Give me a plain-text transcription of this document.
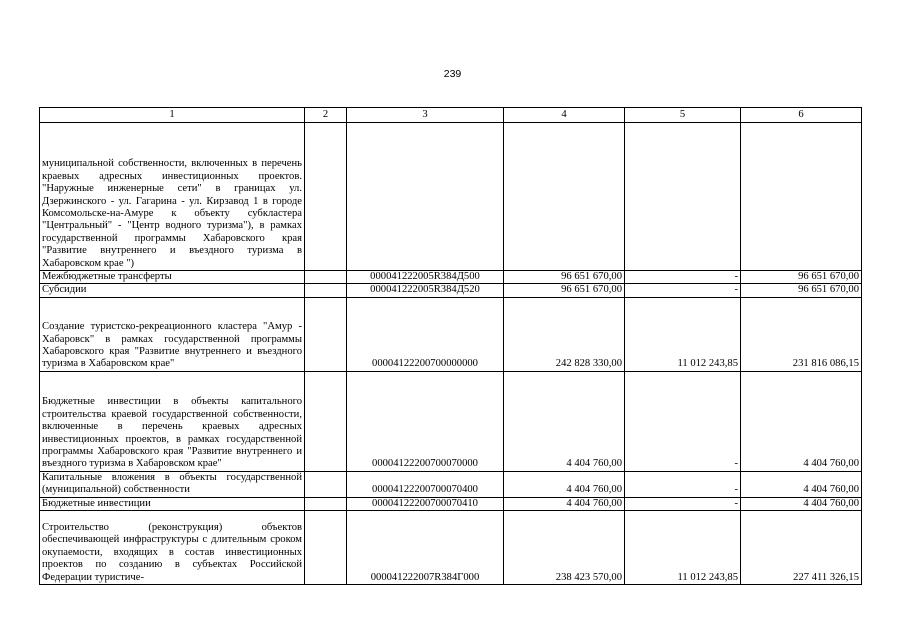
239
1	2	3	4	5	6
муниципальной собственности, включенных в перечень краевых адресных инвестиционных проектов. "Наружные инженерные сети" в границах ул. Дзержинского - ул. Гагарина - ул. Кирзавод 1 в городе Комсомольске-на-Амуре к объекту субкластера "Центральный" - "Центр водного туризма"), в рамках государственной программы Хабаровского края "Развитие внутреннего и въездного туризма в Хабаровском крае ")					
Межбюджетные трансферты		000041222005R384Д500	96 651 670,00	-	96 651 670,00
Субсидии		000041222005R384Д520	96 651 670,00	-	96 651 670,00
Создание туристско-рекреационного кластера "Амур - Хабаровск" в рамках государственной программы Хабаровского края "Развитие внутреннего и въездного туризма в Хабаровском крае"		00004122200700000000	242 828 330,00	11 012 243,85	231 816 086,15
Бюджетные инвестиции в объекты капитального строительства краевой государственной собственности, включенные в перечень краевых адресных инвестиционных проектов, в рамках государственной программы Хабаровского края "Развитие внутреннего и въездного туризма в Хабаровском крае"		00004122200700070000	4 404 760,00	-	4 404 760,00
Капитальные вложения в объекты государственной (муниципальной) собственности		00004122200700070400	4 404 760,00	-	4 404 760,00
Бюджетные инвестиции		00004122200700070410	4 404 760,00	-	4 404 760,00
Строительство (реконструкция) объектов обеспечивающей инфраструктуры с длительным сроком окупаемости, входящих в состав инвестиционных проектов по созданию в субъектах Российской Федерации туристиче-		000041222007R384Г000	238 423 570,00	11 012 243,85	227 411 326,15
